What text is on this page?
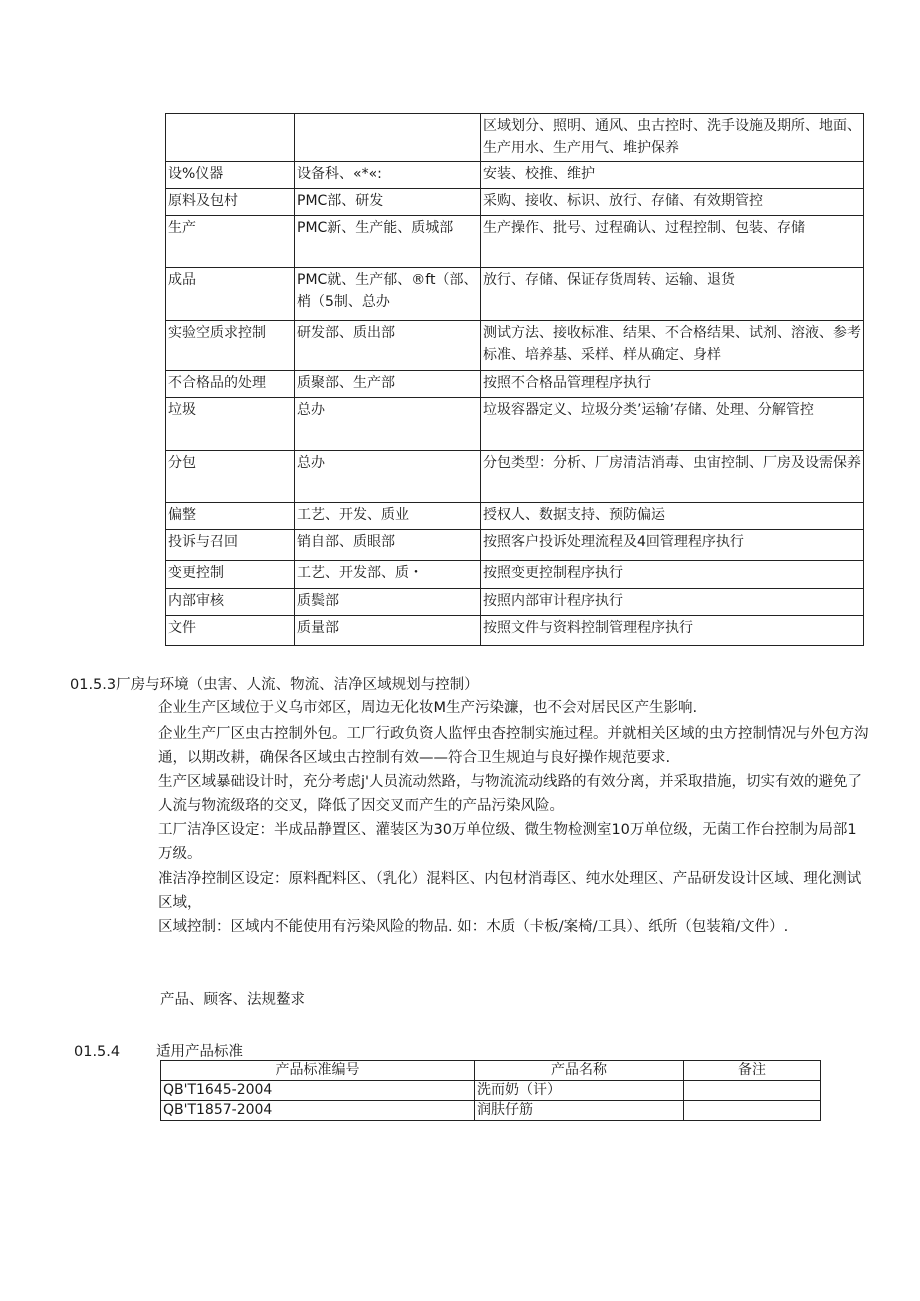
		区域划分、照明、通风、虫古控时、洗手设施及期所、地面、生产用水、生产用气、堆护保养
设%仪器	设备科、«*«:	安装、校推、维护
原料及包村	PMC部、研发	采购、接收、标识、放行、存储、有效期管控
生产	PMC新、生产能、质城部	生产操作、批号、过程确认、过程控制、包装、存储
成品	PMC就、生产郁、®ft（部、梢（5制、总办	放行、存储、保证存货周转、运输、退货
实验空质求控制	研发部、质出部	测试方法、接收标准、结果、不合格结果、试剂、溶液、参考标准、培养基、采样、样从确定、身样
不合格品的处理	质聚部、生产部	按照不合格品管理程序执行
垃圾	总办	垃圾容器定义、垃圾分类’运输’存储、处理、分解管控
分包	总办	分包类型：分析、厂房清洁消毒、虫宙控制、厂房及设需保养
偏整	工艺、开发、质业	授权人、数据支持、预防偏运
投诉与召回	销自部、质眼部	按照客户投诉处理流程及4回管理程序执行
变更控制	工艺、开发部、质・	按照变更控制程序执行
内部审核	质鬓部	按照内部审计程序执行
文件	质量部	按照文件与资料控制管理程序执行
01.5.3厂房与环境（虫害、人流、物流、洁净区域规划与控制）
企业生产区域位于义乌市郊区，周边无化妆M生产污染濂，也不会对居民区产生影响.
企业生产厂区虫古控制外包。工厂行政负资人监怦虫杳控制实施过程。并就相关区域的虫方控制情况与外包方沟通，以期改耕，确保各区域虫古控制有效——符合卫生规迫与良好操作规范要求.
生产区域暴础设计时，充分考虑j'人员流动然路，与物流流动线路的有效分离，并采取措施，切实有效的避免了人流与物流级珞的交叉，降低了因交叉而产生的产品污染风险。
工厂洁净区设定：半成品静置区、灌装区为30万单位级、微生物检测室10万单位级，无菌工作台控制为局部1万级。
准洁净控制区设定：原料配料区、（乳化）混料区、内包材消毒区、纯水处理区、产品研发设计区域、理化测试区域，
区域控制：区域内不能使用有污染风险的物品. 如：木质（卡板/案椅/工具）、纸所（包装箱/文件）.
产品、顾客、法规鳌求
01.5.4 适用产品标准
产品标准编号	产品名称	备注
QB'T1645-2004	洗而奶（讦）	
QB'T1857-2004	润肤仔筋	
